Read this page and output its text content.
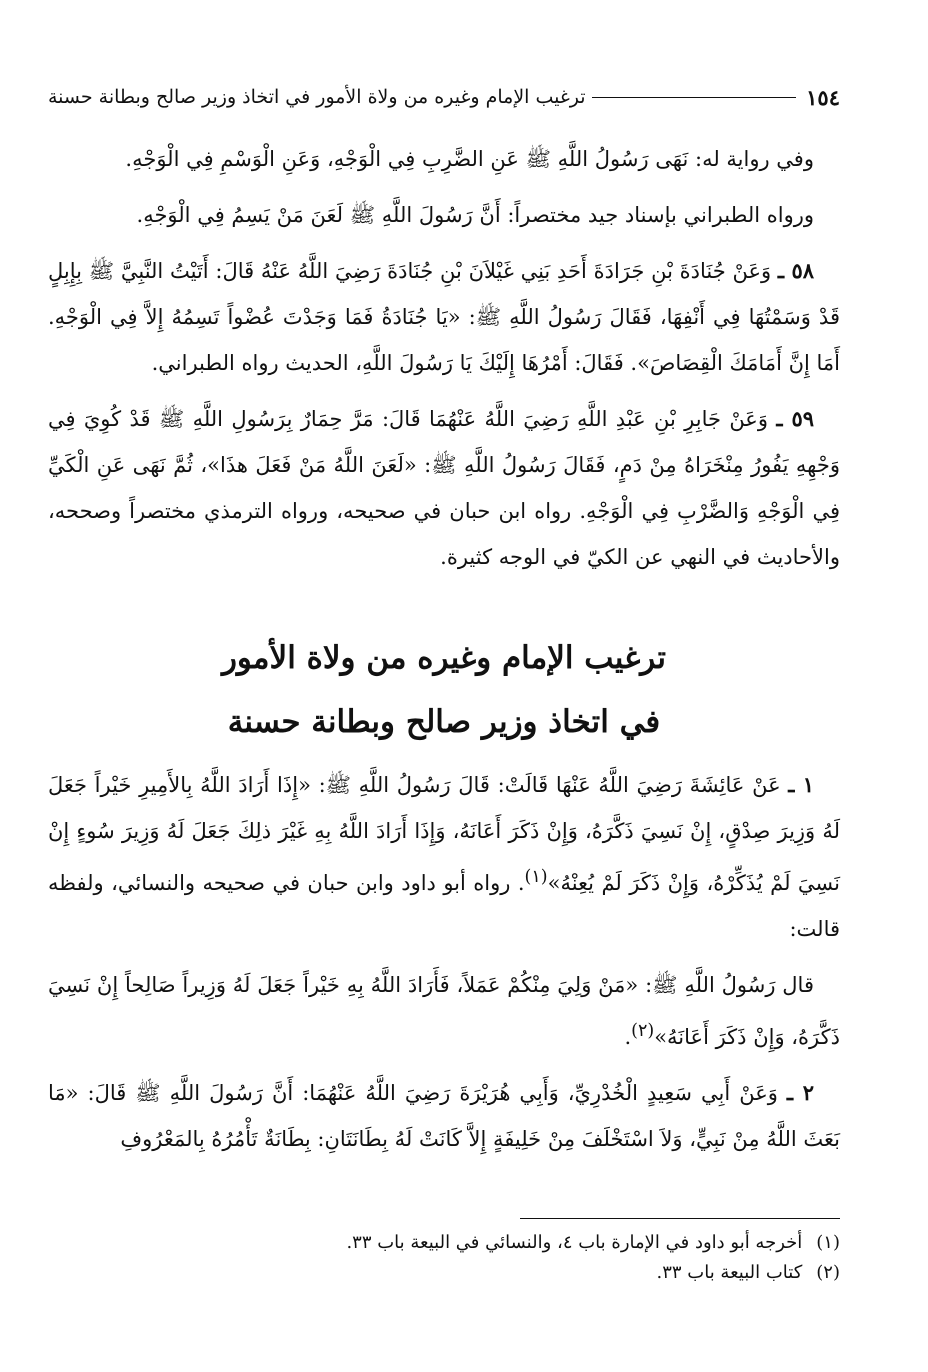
١٥٤
ترغيب الإمام وغيره من ولاة الأمور في اتخاذ وزير صالح وبطانة حسنة

وفي رواية له: نَهَى رَسُولُ اللَّهِ ﷺ عَنِ الضَّرِبِ فِي الْوَجْهِ، وَعَنِ الْوَسْمِ فِي الْوَجْهِ.

ورواه الطبراني بإسناد جيد مختصراً: أَنَّ رَسُولَ اللَّهِ ﷺ لَعَنَ مَنْ يَسِمُ فِي الْوَجْهِ.

٥٨ ـ وَعَنْ جُنَادَةَ بْنِ جَرَادَةَ أَحَدِ بَنِي غَيْلاَنَ بْنِ جُنَادَةَ رَضِيَ اللَّهُ عَنْهُ قَالَ: أَتَيْتُ النَّبِيَّ ﷺ بِإِبِلٍ قَدْ وَسَمْتُهَا فِي أَنْفِهَا، فَقَالَ رَسُولُ اللَّهِ ﷺ: «يَا جُنَادَةُ فَمَا وَجَدْتَ عُضْواً تَسِمُهُ إِلاَّ فِي الْوَجْهِ. أَمَا إِنَّ أَمَامَكَ الْقِصَاصَ». فَقَالَ: أَمْرُهَا إِلَيْكَ يَا رَسُولَ اللَّهِ، الحديث رواه الطبراني.

٥٩ ـ وَعَنْ جَابِرِ بْنِ عَبْدِ اللَّهِ رَضِيَ اللَّهُ عَنْهُمَا قَالَ: مَرَّ حِمَارٌ بِرَسُولِ اللَّهِ ﷺ قَدْ كُوِيَ فِي وَجْهِهِ يَفُورُ مِنْخَرَاهُ مِنْ دَمٍ، فَقَالَ رَسُولُ اللَّهِ ﷺ: «لَعَنَ اللَّهُ مَنْ فَعَلَ هذَا»، ثُمَّ نَهَى عَنِ الْكَيِّ فِي الْوَجْهِ وَالضَّرْبِ فِي الْوَجْهِ. رواه ابن حبان في صحيحه، ورواه الترمذي مختصراً وصححه، والأحاديث في النهي عن الكيّ في الوجه كثيرة.

ترغيب الإمام وغيره من ولاة الأمور
في اتخاذ وزير صالح وبطانة حسنة

١ ـ عَنْ عَائِشَةَ رَضِيَ اللَّهُ عَنْهَا قَالَتْ: قَالَ رَسُولُ اللَّهِ ﷺ: «إِذَا أَرَادَ اللَّهُ بِالأَمِيرِ خَيْراً جَعَلَ لَهُ وَزِيرَ صِدْقٍ، إِنْ نَسِيَ ذَكَّرَهُ، وَإِنْ ذَكَرَ أَعَانَهُ، وَإِذَا أَرَادَ اللَّهُ بِهِ غَيْرَ ذلِكَ جَعَلَ لَهُ وَزِيرَ سُوءٍ إِنْ نَسِيَ لَمْ يُذَكِّرْهُ، وَإِنْ ذَكَرَ لَمْ يُعِنْهُ»$^{(١)}$. رواه أبو داود وابن حبان في صحيحه والنسائي، ولفظه قالت:

قال رَسُولُ اللَّهِ ﷺ: «مَنْ وَلِيَ مِنْكُمْ عَمَلاً، فَأَرَادَ اللَّهُ بِهِ خَيْراً جَعَلَ لَهُ وَزِيراً صَالِحاً إِنْ نَسِيَ ذَكَّرَهُ، وَإِنْ ذَكَرَ أَعَانَهُ»$^{(٢)}$.

٢ ـ وَعَنْ أَبِي سَعِيدٍ الْخُدْرِيِّ، وَأَبِي هُرَيْرَةَ رَضِيَ اللَّهُ عَنْهُمَا: أَنَّ رَسُولَ اللَّهِ ﷺ قَالَ: «مَا بَعَثَ اللَّهُ مِنْ نَبِيٍّ، وَلاَ اسْتَخْلَفَ مِنْ خَلِيفَةٍ إِلاَّ كَانَتْ لَهُ بِطَانَتَانِ: بِطَانَةٌ تَأْمُرُهُ بِالمَعْرُوفِ

(١)
أخرجه أبو داود في الإمارة باب ٤، والنسائي في البيعة باب ٣٣.
(٢)
كتاب البيعة باب ٣٣.
